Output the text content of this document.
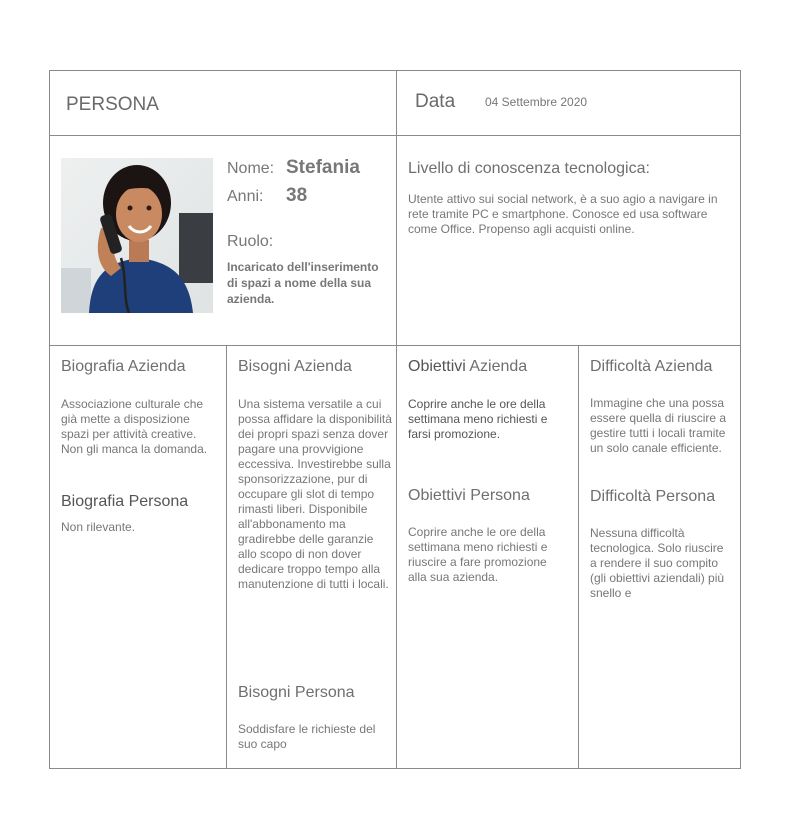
PERSONA	Data 04 Settembre 2020
Nome: Stefania
Anni: 38
Ruolo:
Incaricato dell'inserimento di spazi a nome della sua azienda.
Livello di conoscenza tecnologica:
Utente attivo sui social network, è a suo agio a navigare in rete tramite PC e smartphone. Conosce ed usa software come Office. Propenso agli acquisti online.
Biografia Azienda
Associazione culturale che già mette a disposizione spazi per attività creative. Non gli manca la domanda.
Biografia Persona
Non rilevante.
Bisogni Azienda
Una sistema versatile a cui possa affidare la disponibilità dei propri spazi senza dover pagare una provvigione eccessiva. Investirebbe sulla sponsorizzazione, pur di occupare gli slot di tempo rimasti liberi. Disponibile all'abbonamento ma gradirebbe delle garanzie allo scopo di non dover dedicare troppo tempo alla manutenzione di tutti i locali.
Bisogni Persona
Soddisfare le richieste del suo capo
Obiettivi Azienda
Coprire anche le ore della settimana meno richiesti e farsi promozione.
Obiettivi Persona
Coprire anche le ore della settimana meno richiesti e riuscire a fare promozione alla sua azienda.
Difficoltà Azienda
Immagine che una possa essere quella di riuscire a gestire tutti i locali tramite un solo canale efficiente.
Difficoltà Persona
Nessuna difficoltà tecnologica. Solo riuscire a rendere il suo compito (gli obiettivi aziendali) più snello e
